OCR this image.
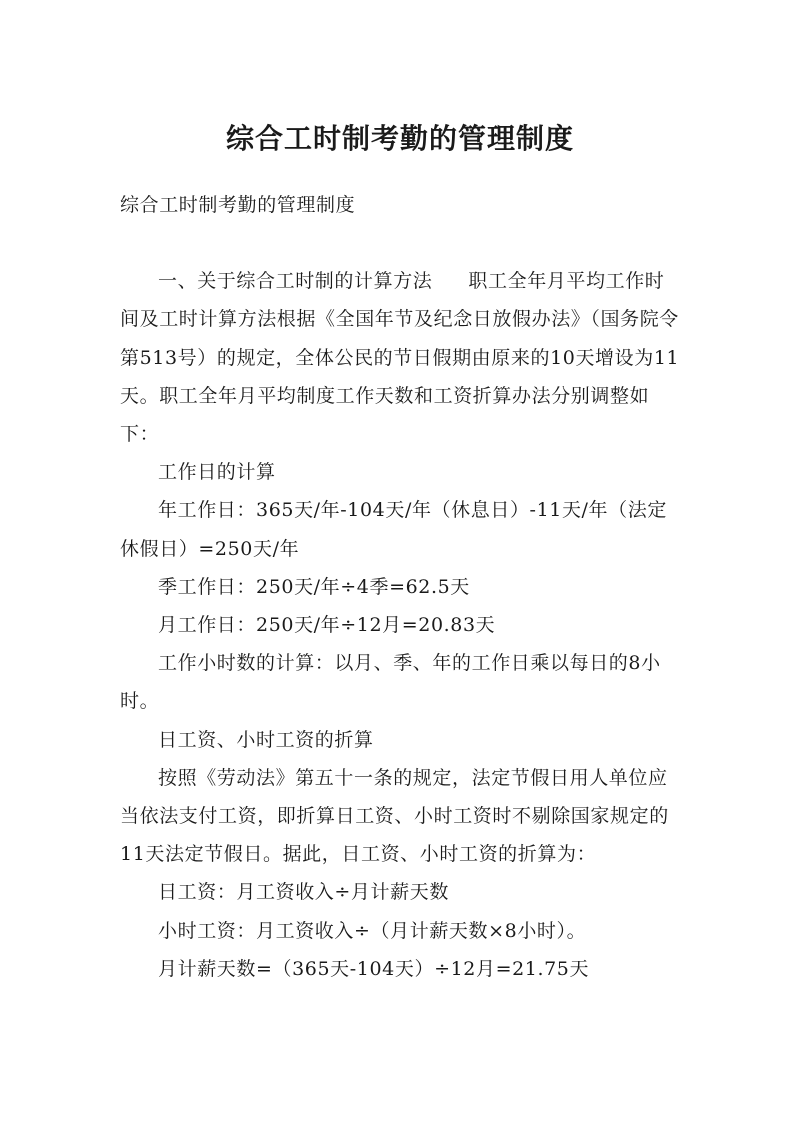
综合工时制考勤的管理制度

综合工时制考勤的管理制度

一、关于综合工时制的计算方法 职工全年月平均工作时间及工时计算方法根据《全国年节及纪念日放假办法》（国务院令第513号）的规定，全体公民的节日假期由原来的10天增设为11天。职工全年月平均制度工作天数和工资折算办法分别调整如下：

工作日的计算

年工作日：365天/年-104天/年（休息日）-11天/年（法定休假日）=250天/年

季工作日：250天/年÷4季=62.5天

月工作日：250天/年÷12月=20.83天

工作小时数的计算：以月、季、年的工作日乘以每日的8小时。

日工资、小时工资的折算

按照《劳动法》第五十一条的规定，法定节假日用人单位应当依法支付工资，即折算日工资、小时工资时不剔除国家规定的11天法定节假日。据此，日工资、小时工资的折算为：

日工资：月工资收入÷月计薪天数

小时工资：月工资收入÷（月计薪天数×8小时）。

月计薪天数=（365天-104天）÷12月=21.75天
